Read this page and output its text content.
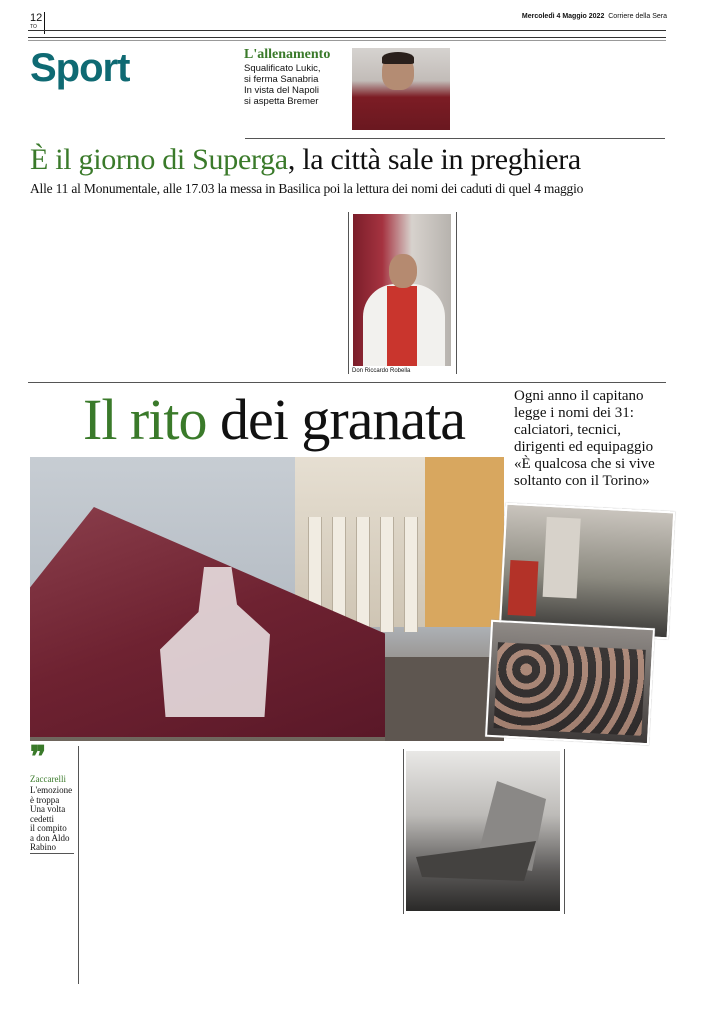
12
TO
Mercoledì 4 Maggio 2022 Corriere della Sera
Sport	L'allenamento
Squalificato Lukic,
si ferma Sanabria
In vista del Napoli
si aspetta Bremer
È il giorno di Superga, la città sale in preghiera
Alle 11 al Monumentale, alle 17.03 la messa in Basilica poi la lettura dei nomi dei caduti di quel 4 maggio
Don Riccardo Robella
Il rito dei granata	Ogni anno il capitano
legge i nomi dei 31:
calciatori, tecnici,
dirigenti ed equipaggio
«È qualcosa che si vive
soltanto con il Torino»
❞
Zaccarelli
L'emozione
è troppa
Una volta
cedetti
il compito
a don Aldo
Rabino
